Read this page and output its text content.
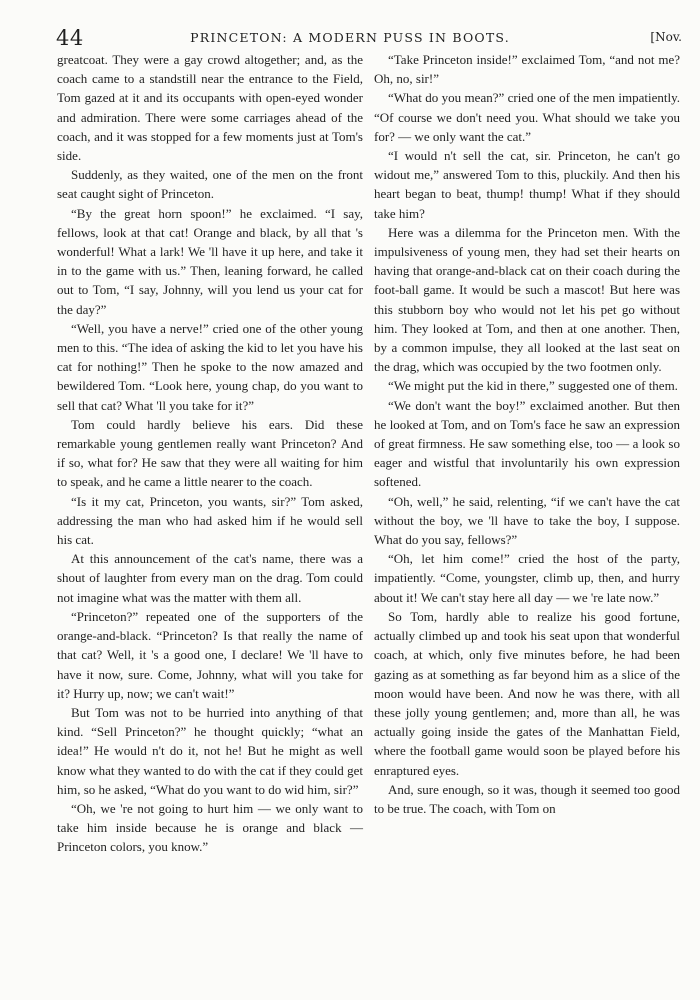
44	PRINCETON: A MODERN PUSS IN BOOTS.	[Nov.

greatcoat. They were a gay crowd altogether; and, as the coach came to a standstill near the entrance to the Field, Tom gazed at it and its occupants with open-eyed wonder and admiration. There were some carriages ahead of the coach, and it was stopped for a few moments just at Tom's side.

Suddenly, as they waited, one of the men on the front seat caught sight of Princeton.

“By the great horn spoon!” he exclaimed. “I say, fellows, look at that cat! Orange and black, by all that 's wonderful! What a lark! We 'll have it up here, and take it in to the game with us.” Then, leaning forward, he called out to Tom, “I say, Johnny, will you lend us your cat for the day?”

“Well, you have a nerve!” cried one of the other young men to this. “The idea of asking the kid to let you have his cat for nothing!” Then he spoke to the now amazed and bewildered Tom. “Look here, young chap, do you want to sell that cat? What 'll you take for it?”

Tom could hardly believe his ears. Did these remarkable young gentlemen really want Princeton? And if so, what for? He saw that they were all waiting for him to speak, and he came a little nearer to the coach.

“Is it my cat, Princeton, you wants, sir?” Tom asked, addressing the man who had asked him if he would sell his cat.

At this announcement of the cat's name, there was a shout of laughter from every man on the drag. Tom could not imagine what was the matter with them all.

“Princeton?” repeated one of the supporters of the orange-and-black. “Princeton? Is that really the name of that cat? Well, it 's a good one, I declare! We 'll have to have it now, sure. Come, Johnny, what will you take for it? Hurry up, now; we can't wait!”

But Tom was not to be hurried into anything of that kind. “Sell Princeton?” he thought quickly; “what an idea!” He would n't do it, not he! But he might as well know what they wanted to do with the cat if they could get him, so he asked, “What do you want to do wid him, sir?”

“Oh, we 're not going to hurt him — we only want to take him inside because he is orange and black — Princeton colors, you know.”

“Take Princeton inside!” exclaimed Tom, “and not me? Oh, no, sir!”

“What do you mean?” cried one of the men impatiently. “Of course we don't need you. What should we take you for? — we only want the cat.”

“I would n't sell the cat, sir. Princeton, he can't go widout me,” answered Tom to this, pluckily. And then his heart began to beat, thump! thump! What if they should take him?

Here was a dilemma for the Princeton men. With the impulsiveness of young men, they had set their hearts on having that orange-and-black cat on their coach during the foot-ball game. It would be such a mascot! But here was this stubborn boy who would not let his pet go without him. They looked at Tom, and then at one another. Then, by a common impulse, they all looked at the last seat on the drag, which was occupied by the two footmen only.

“We might put the kid in there,” suggested one of them.

“We don't want the boy!” exclaimed another. But then he looked at Tom, and on Tom's face he saw an expression of great firmness. He saw something else, too — a look so eager and wistful that involuntarily his own expression softened.

“Oh, well,” he said, relenting, “if we can't have the cat without the boy, we 'll have to take the boy, I suppose. What do you say, fellows?”

“Oh, let him come!” cried the host of the party, impatiently. “Come, youngster, climb up, then, and hurry about it! We can't stay here all day — we 're late now.”

So Tom, hardly able to realize his good fortune, actually climbed up and took his seat upon that wonderful coach, at which, only five minutes before, he had been gazing as at something as far beyond him as a slice of the moon would have been. And now he was there, with all these jolly young gentlemen; and, more than all, he was actually going inside the gates of the Manhattan Field, where the football game would soon be played before his enraptured eyes.

And, sure enough, so it was, though it seemed too good to be true. The coach, with Tom on
